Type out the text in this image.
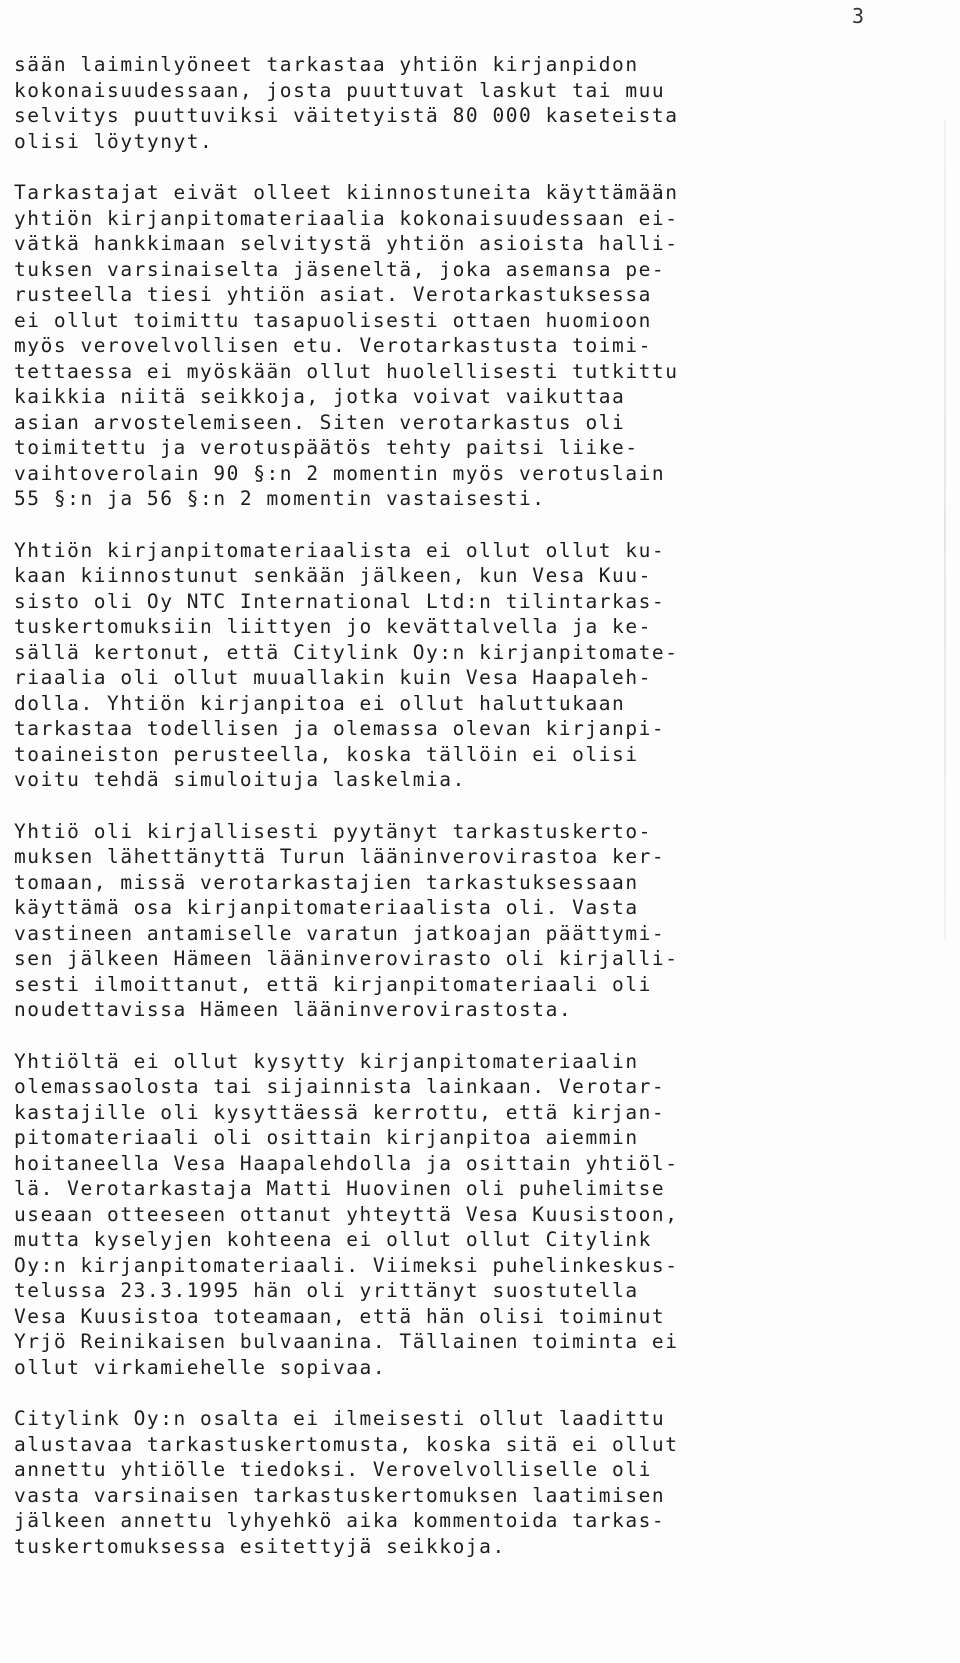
3
sään laiminlyöneet tarkastaa yhtiön kirjanpidon
kokonaisuudessaan, josta puuttuvat laskut tai muu
selvitys puuttuviksi väitetyistä 80 000 kaseteista
olisi löytynyt.
Tarkastajat eivät olleet kiinnostuneita käyttämään
yhtiön kirjanpitomateriaalia kokonaisuudessaan ei-
vätkä hankkimaan selvitystä yhtiön asioista halli-
tuksen varsinaiselta jäseneltä, joka asemansa pe-
rusteella tiesi yhtiön asiat. Verotarkastuksessa
ei ollut toimittu tasapuolisesti ottaen huomioon
myös verovelvollisen etu. Verotarkastusta toimi-
tettaessa ei myöskään ollut huolellisesti tutkittu
kaikkia niitä seikkoja, jotka voivat vaikuttaa
asian arvostelemiseen. Siten verotarkastus oli
toimitettu ja verotuspäätös tehty paitsi liike-
vaihtoverolain 90 §:n 2 momentin myös verotuslain
55 §:n ja 56 §:n 2 momentin vastaisesti.
Yhtiön kirjanpitomateriaalista ei ollut ollut ku-
kaan kiinnostunut senkään jälkeen, kun Vesa Kuu-
sisto oli Oy NTC International Ltd:n tilintarkas-
tuskertomuksiin liittyen jo kevättalvella ja ke-
sällä kertonut, että Citylink Oy:n kirjanpitomate-
riaalia oli ollut muuallakin kuin Vesa Haapaleh-
dolla. Yhtiön kirjanpitoa ei ollut haluttukaan
tarkastaa todellisen ja olemassa olevan kirjanpi-
toaineiston perusteella, koska tällöin ei olisi
voitu tehdä simuloituja laskelmia.
Yhtiö oli kirjallisesti pyytänyt tarkastuskerto-
muksen lähettänyttä Turun lääninverovirastoa ker-
tomaan, missä verotarkastajien tarkastuksessaan
käyttämä osa kirjanpitomateriaalista oli. Vasta
vastineen antamiselle varatun jatkoajan päättymi-
sen jälkeen Hämeen lääninverovirasto oli kirjalli-
sesti ilmoittanut, että kirjanpitomateriaali oli
noudettavissa Hämeen lääninverovirastosta.
Yhtiöltä ei ollut kysytty kirjanpitomateriaalin
olemassaolosta tai sijainnista lainkaan. Verotar-
kastajille oli kysyttäessä kerrottu, että kirjan-
pitomateriaali oli osittain kirjanpitoa aiemmin
hoitaneella Vesa Haapalehdolla ja osittain yhtiöl-
lä. Verotarkastaja Matti Huovinen oli puhelimitse
useaan otteeseen ottanut yhteyttä Vesa Kuusistoon,
mutta kyselyjen kohteena ei ollut ollut Citylink
Oy:n kirjanpitomateriaali. Viimeksi puhelinkeskus-
telussa 23.3.1995 hän oli yrittänyt suostutella
Vesa Kuusistoa toteamaan, että hän olisi toiminut
Yrjö Reinikaisen bulvaanina. Tällainen toiminta ei
ollut virkamiehelle sopivaa.
Citylink Oy:n osalta ei ilmeisesti ollut laadittu
alustavaa tarkastuskertomusta, koska sitä ei ollut
annettu yhtiölle tiedoksi. Verovelvolliselle oli
vasta varsinaisen tarkastuskertomuksen laatimisen
jälkeen annettu lyhyehkö aika kommentoida tarkas-
tuskertomuksessa esitettyjä seikkoja.
